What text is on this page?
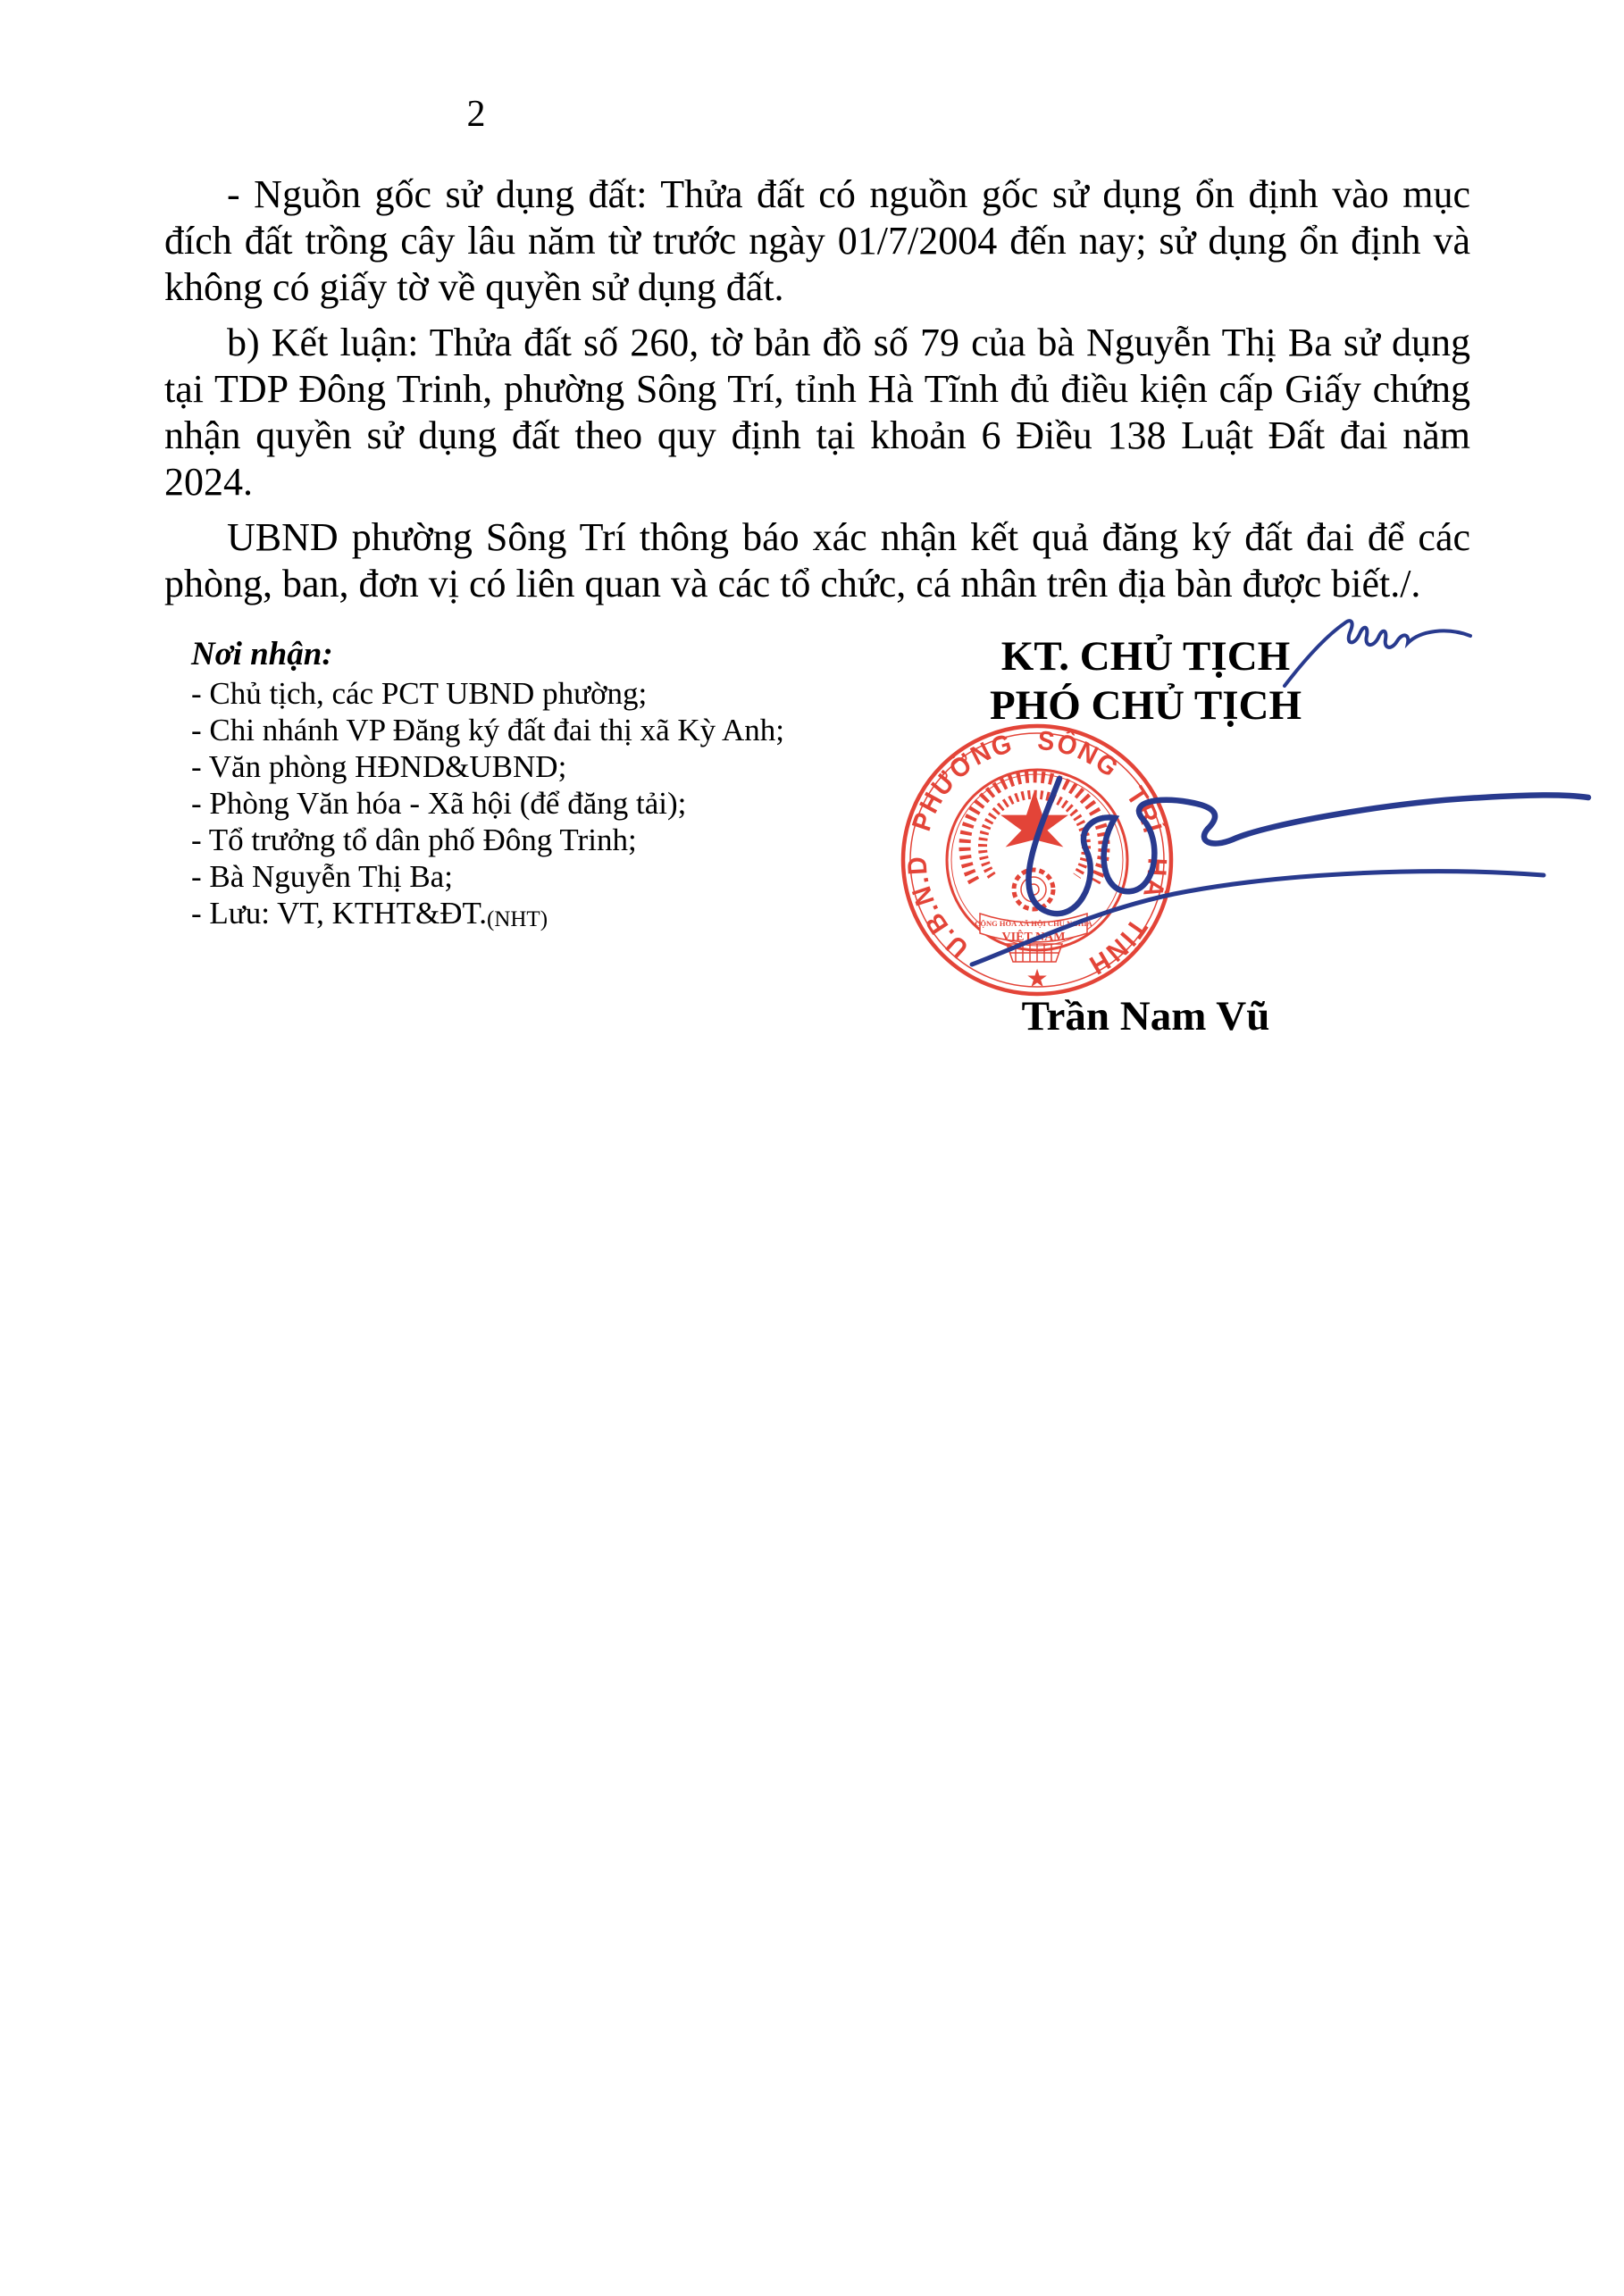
2

- Nguồn gốc sử dụng đất: Thửa đất có nguồn gốc sử dụng ổn định vào mục đích đất trồng cây lâu năm từ trước ngày 01/7/2004 đến nay; sử dụng ổn định và không có giấy tờ về quyền sử dụng đất.

b) Kết luận: Thửa đất số 260, tờ bản đồ số 79 của bà Nguyễn Thị Ba sử dụng tại TDP Đông Trinh, phường Sông Trí, tỉnh Hà Tĩnh đủ điều kiện cấp Giấy chứng nhận quyền sử dụng đất theo quy định tại khoản 6 Điều 138 Luật Đất đai năm 2024.

UBND phường Sông Trí thông báo xác nhận kết quả đăng ký đất đai để các phòng, ban, đơn vị có liên quan và các tổ chức, cá nhân trên địa bàn được biết./.

Nơi nhận:
- Chủ tịch, các PCT UBND phường;
- Chi nhánh VP Đăng ký đất đai thị xã Kỳ Anh;
- Văn phòng HĐND&UBND;
- Phòng Văn hóa - Xã hội (để đăng tải);
- Tổ trưởng tổ dân phố Đông Trinh;
- Bà Nguyễn Thị Ba;
- Lưu: VT, KTHT&ĐT.(NHT)
KT. CHỦ TỊCH
PHÓ CHỦ TỊCH
CỘNG HÒA XÃ HỘI CHỦ NGHĨA
VIỆT NAM
U.B.N.D PHƯỜNG SÔNG TRÍ HÀ TĨNH
★
Trần Nam Vũ
